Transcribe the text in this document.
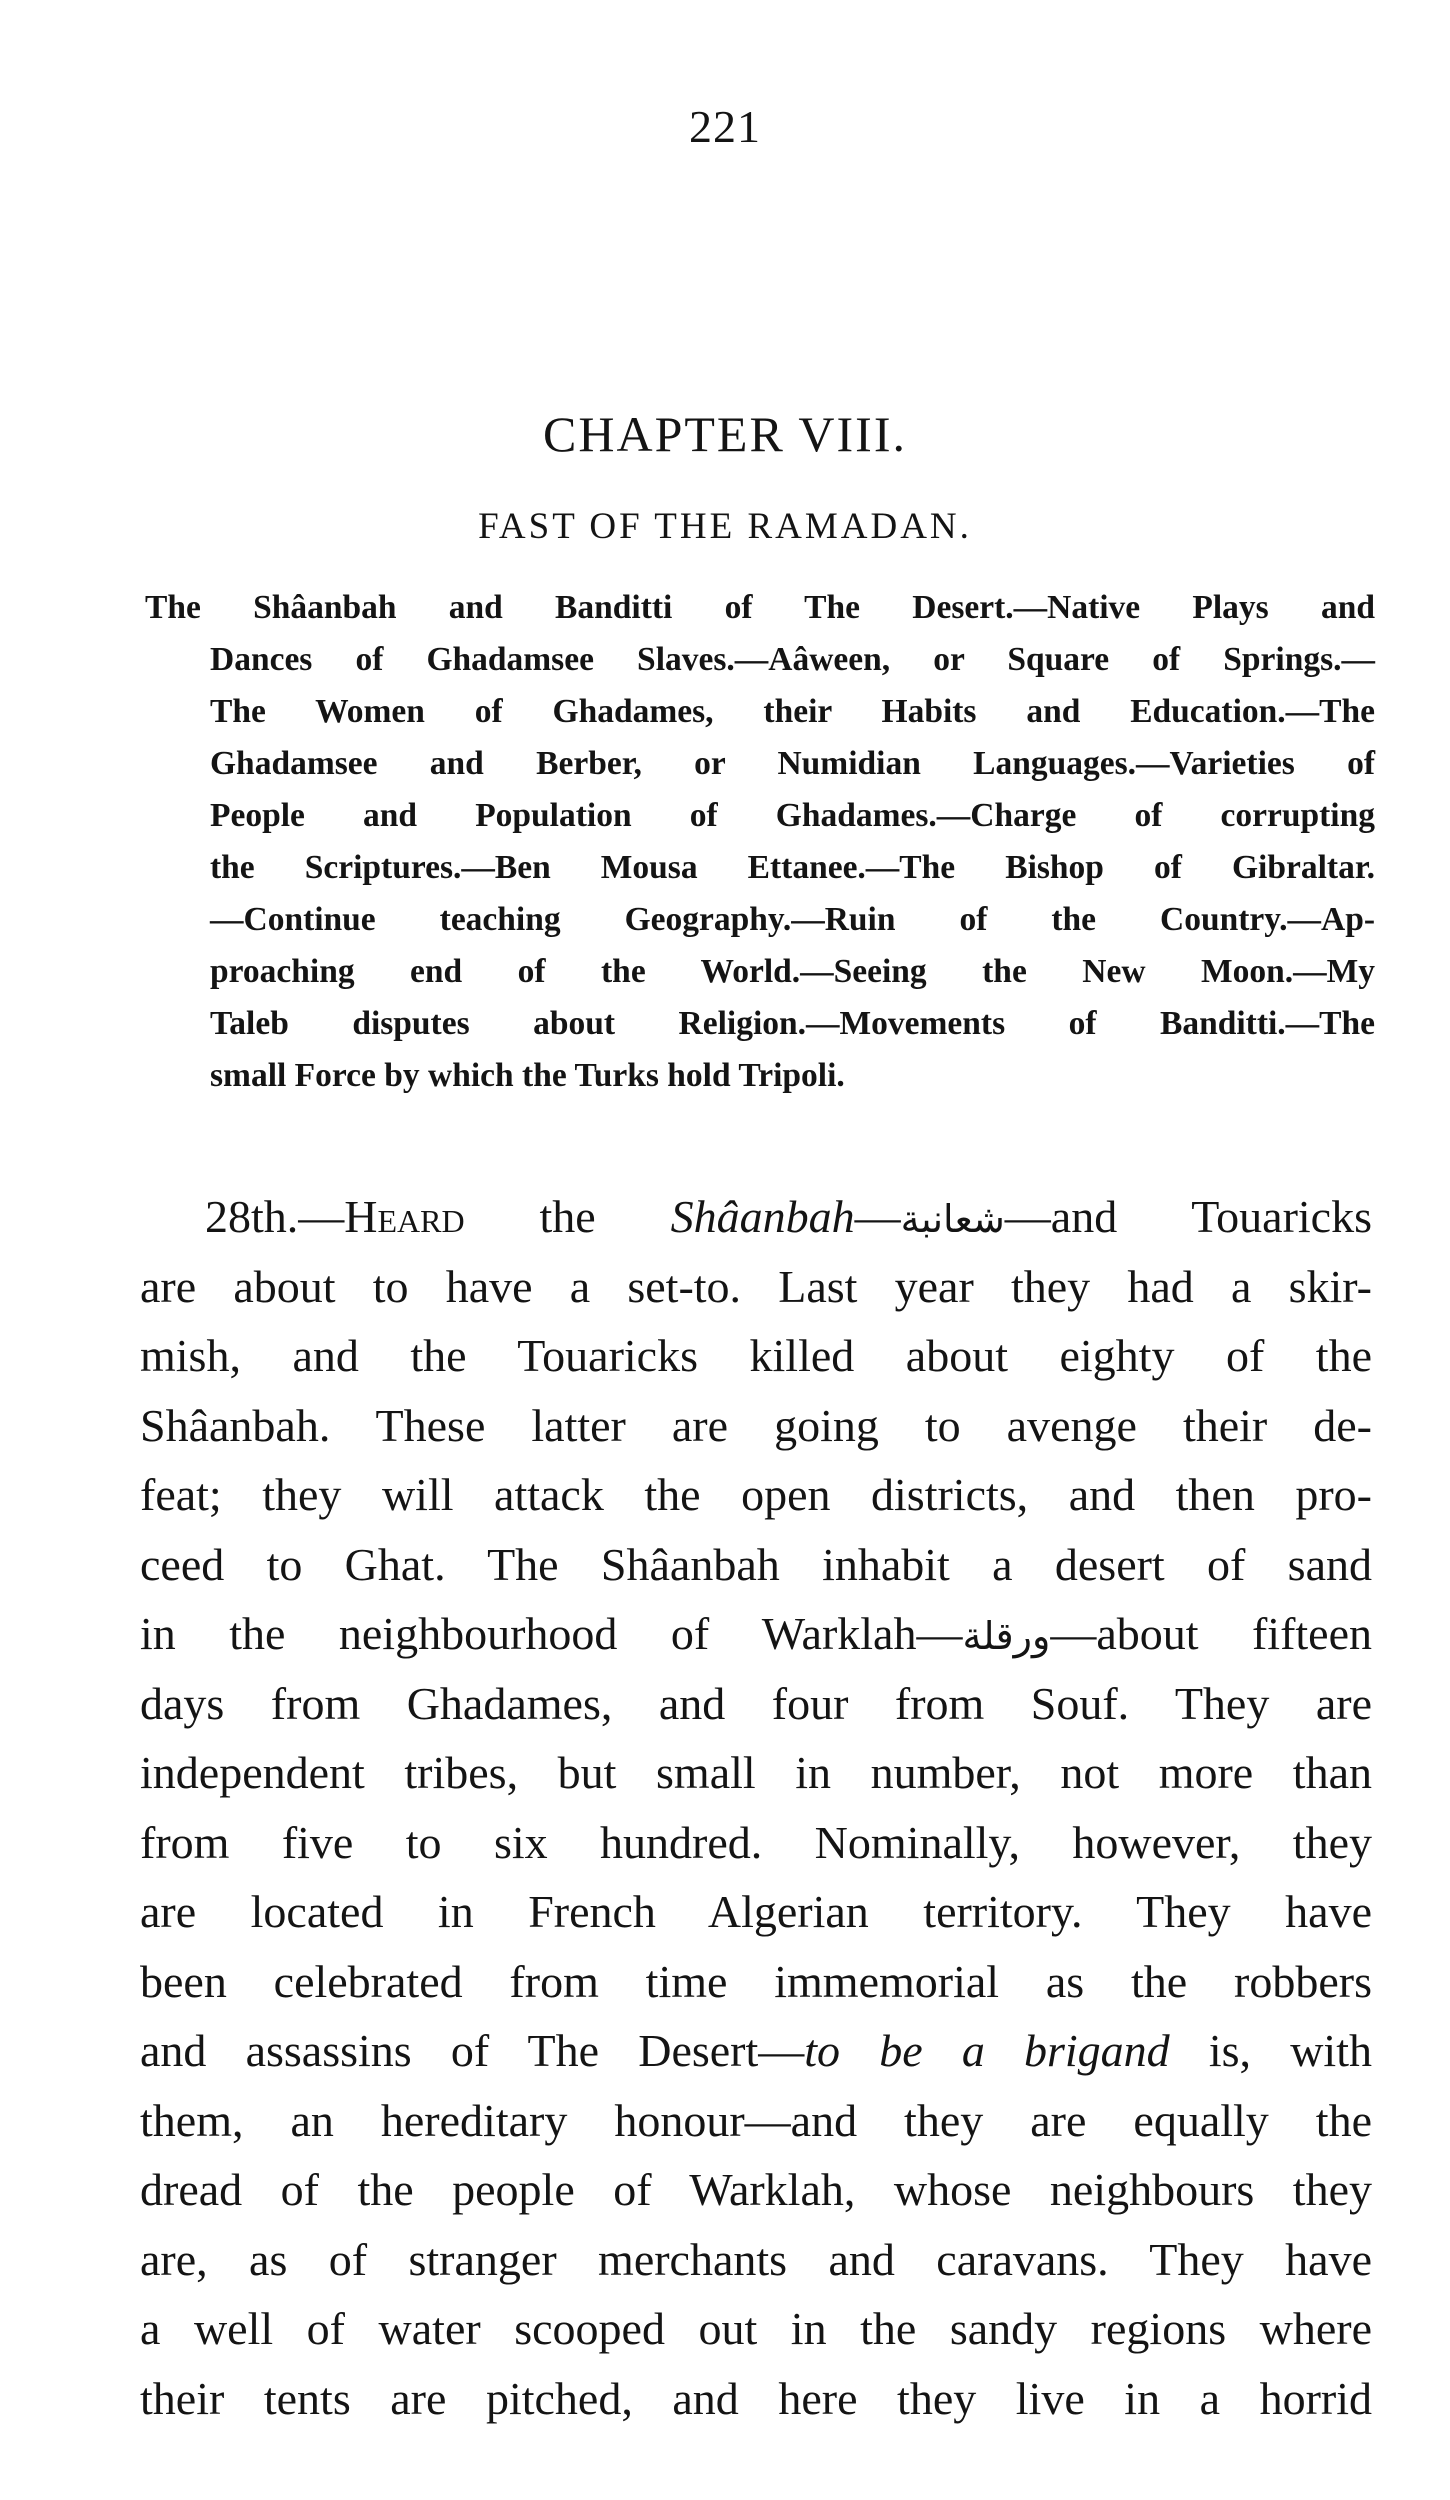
221
CHAPTER VIII.
FAST OF THE RAMADAN.
The Shâanbah and Banditti of The Desert.—Native Plays and
Dances of Ghadamsee Slaves.—Aâween, or Square of Springs.—
The Women of Ghadames, their Habits and Education.—The
Ghadamsee and Berber, or Numidian Languages.—Varieties of
People and Population of Ghadames.—Charge of corrupting
the Scriptures.—Ben Mousa Ettanee.—The Bishop of Gibraltar.
—Continue teaching Geography.—Ruin of the Country.—Ap-
proaching end of the World.—Seeing the New Moon.—My
Taleb disputes about Religion.—Movements of Banditti.—The
small Force by which the Turks hold Tripoli.
28th.—Heard the Shâanbah—شعانبة—and Touaricks
are about to have a set-to. Last year they had a skir-
mish, and the Touaricks killed about eighty of the
Shâanbah. These latter are going to avenge their de-
feat; they will attack the open districts, and then pro-
ceed to Ghat. The Shâanbah inhabit a desert of sand
in the neighbourhood of Warklah—ورقلة—about fifteen
days from Ghadames, and four from Souf. They are
independent tribes, but small in number, not more than
from five to six hundred. Nominally, however, they
are located in French Algerian territory. They have
been celebrated from time immemorial as the robbers
and assassins of The Desert—to be a brigand is, with
them, an hereditary honour—and they are equally the
dread of the people of Warklah, whose neighbours they
are, as of stranger merchants and caravans. They have
a well of water scooped out in the sandy regions where
their tents are pitched, and here they live in a horrid
